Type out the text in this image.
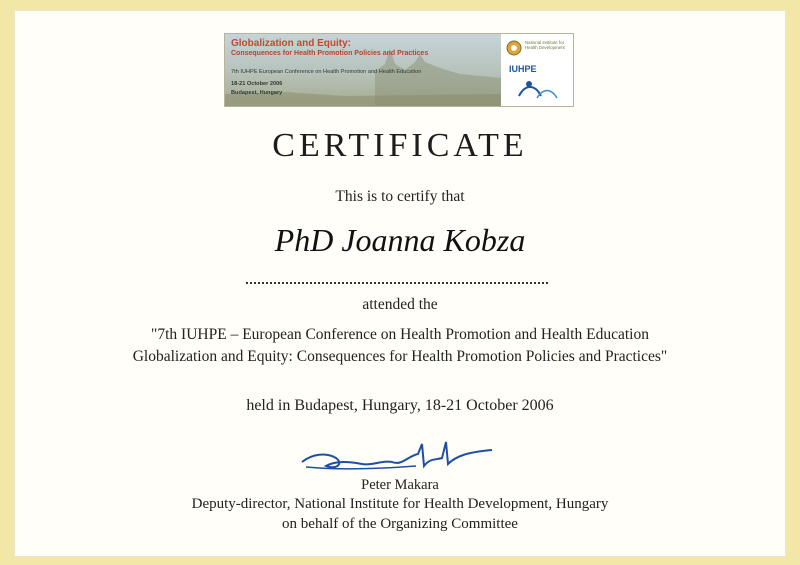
Globalization and Equity:
Consequences for Health Promotion Policies and Practices
7th IUHPE European Conference on Health Promotion and Health Education
18-21 October 2006
Budapest, Hungary
National Institute for Health Development
IUHPE
CERTIFICATE
This is to certify that
PhD Joanna Kobza
attended the
"7th IUHPE – European Conference on Health Promotion and Health Education
Globalization and Equity: Consequences for Health Promotion Policies and Practices"
held in Budapest, Hungary, 18-21 October 2006
Peter Makara
Deputy-director, National Institute for Health Development, Hungary
on behalf of the Organizing Committee
